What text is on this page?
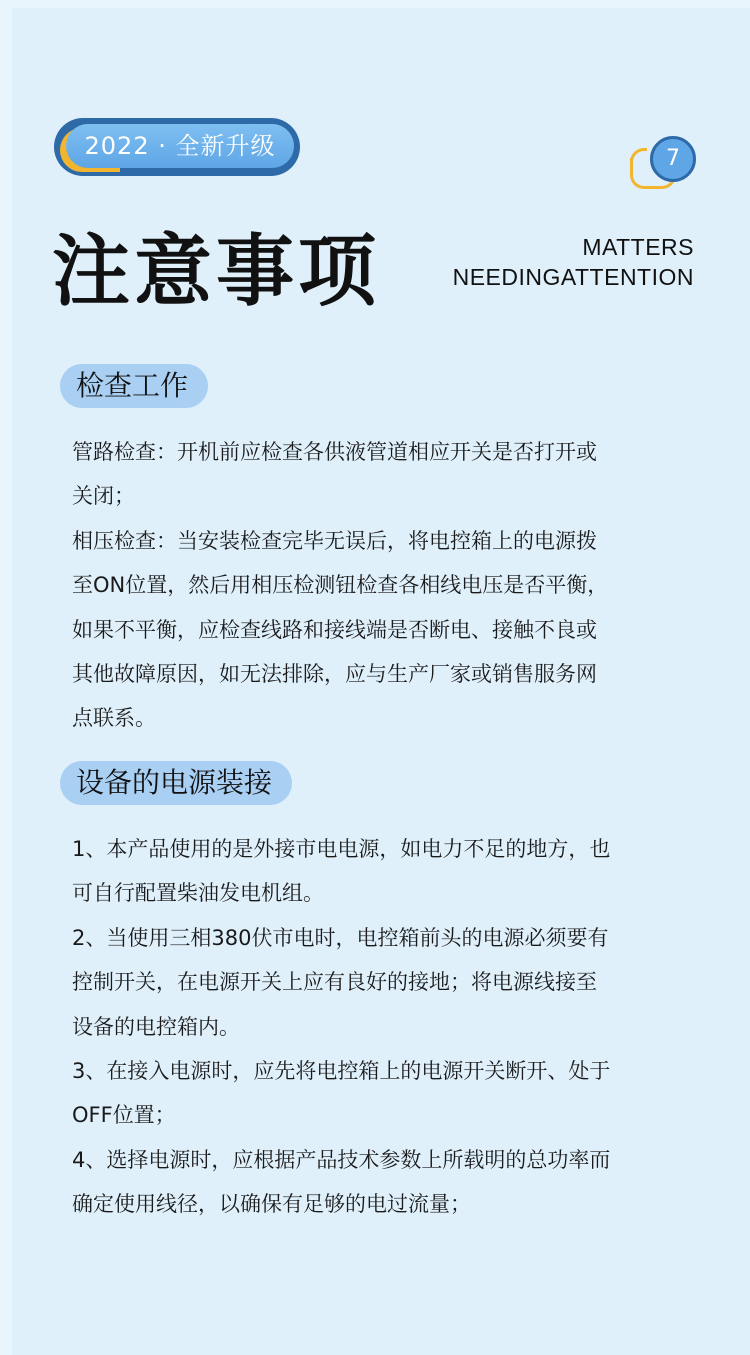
2022 · 全新升级	7
注意事项	MATTERS
NEEDINGATTENTION
检查工作

管路检查：开机前应检查各供液管道相应开关是否打开或
关闭；

相压检查：当安装检查完毕无误后，将电控箱上的电源拨
至ON位置，然后用相压检测钮检查各相线电压是否平衡，
如果不平衡，应检查线路和接线端是否断电、接触不良或
其他故障原因，如无法排除，应与生产厂家或销售服务网
点联系。

设备的电源装接

1、本产品使用的是外接市电电源，如电力不足的地方，也
可自行配置柴油发电机组。

2、当使用三相380伏市电时，电控箱前头的电源必须要有
控制开关，在电源开关上应有良好的接地；将电源线接至
设备的电控箱内。

3、在接入电源时，应先将电控箱上的电源开关断开、处于
OFF位置；

4、选择电源时，应根据产品技术参数上所载明的总功率而
确定使用线径，以确保有足够的电过流量；
